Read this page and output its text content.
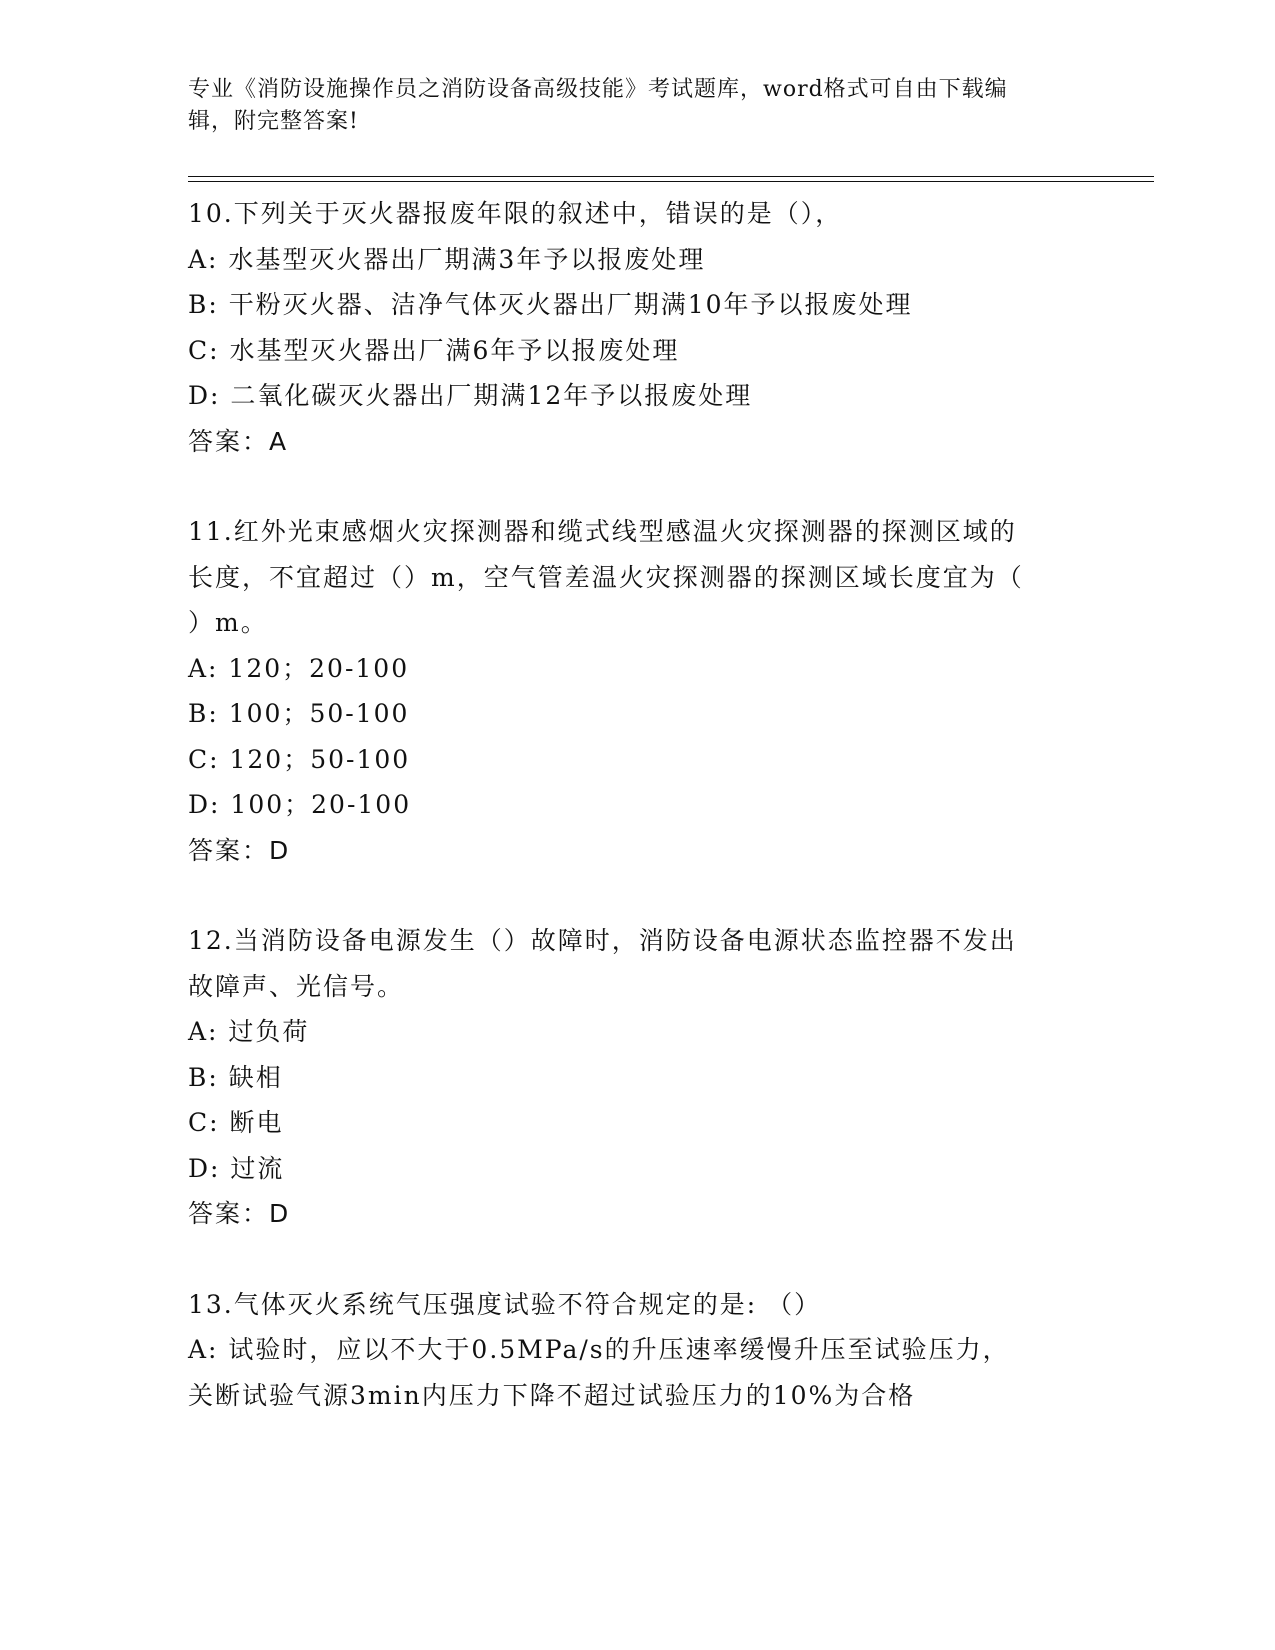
专业《消防设施操作员之消防设备高级技能》考试题库，word格式可自由下载编
辑，附完整答案!
10.下列关于灭火器报废年限的叙述中，错误的是（），
A: 水基型灭火器出厂期满3年予以报废处理
B: 干粉灭火器、洁净气体灭火器出厂期满10年予以报废处理
C: 水基型灭火器出厂满6年予以报废处理
D: 二氧化碳灭火器出厂期满12年予以报废处理
答案：A
11.红外光束感烟火灾探测器和缆式线型感温火灾探测器的探测区域的
长度，不宜超过（）m，空气管差温火灾探测器的探测区域长度宜为（
）m。
A: 120；20-100
B: 100；50-100
C: 120；50-100
D: 100；20-100
答案：D
12.当消防设备电源发生（）故障时，消防设备电源状态监控器不发出
故障声、光信号。
A: 过负荷
B: 缺相
C: 断电
D: 过流
答案：D
13.气体灭火系统气压强度试验不符合规定的是: （）
A: 试验时，应以不大于0.5MPa/s的升压速率缓慢升压至试验压力，
关断试验气源3min内压力下降不超过试验压力的10%为合格
